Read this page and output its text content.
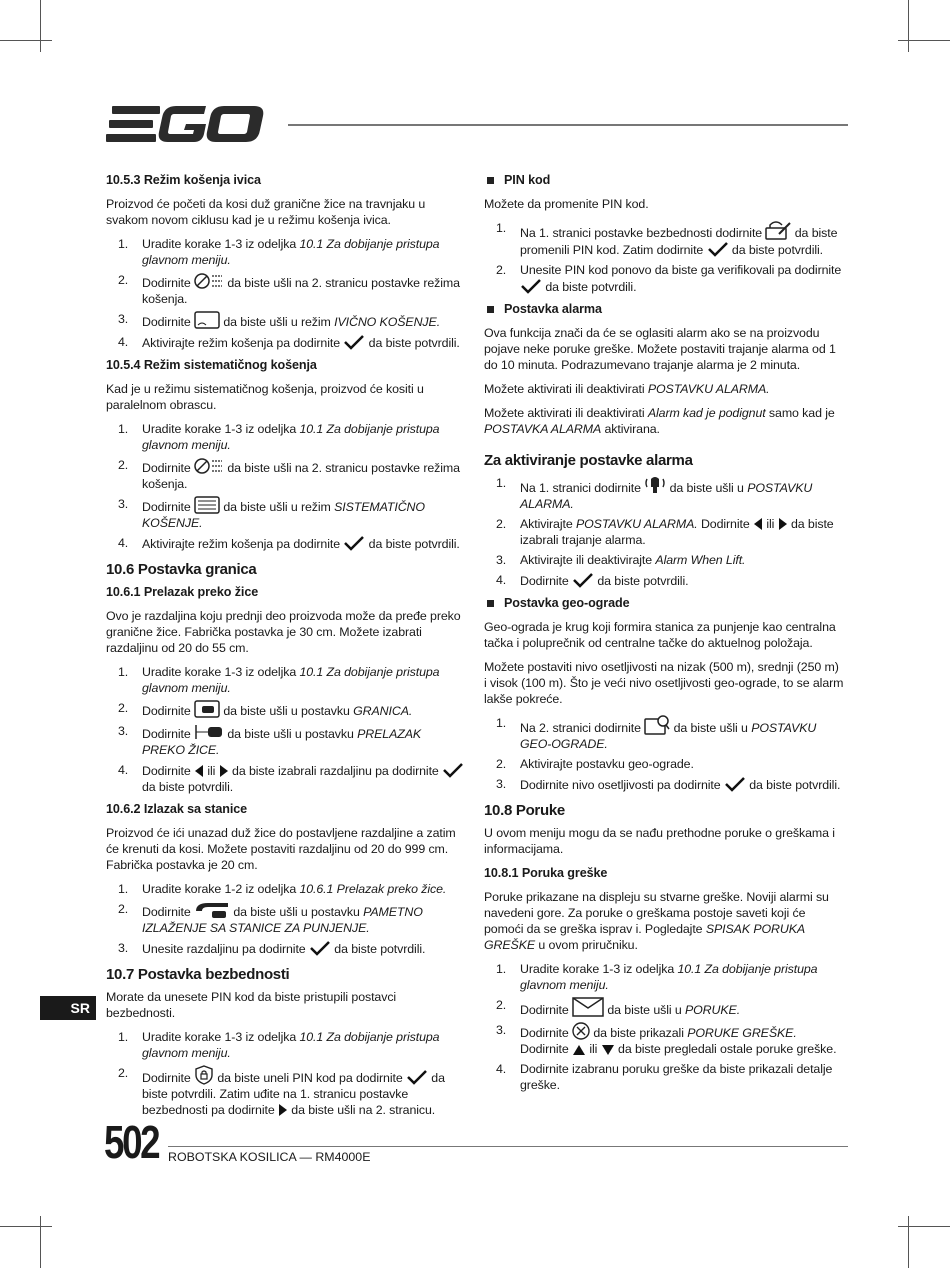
10.5.3 Režim košenja ivica

Proizvod će početi da kosi duž granične žice na travnjaku u svakom novom ciklusu kad je u režimu košenja ivica.

1. Uradite korake 1-3 iz odeljka 10.1 Za dobijanje pristupa glavnom meniju.
2. Dodirnite  da biste ušli na 2. stranicu postavke režima košenja.
3. Dodirnite  da biste ušli u režim IVIČNO KOŠENJE.
4. Aktivirajte režim košenja pa dodirnite  da biste potvrdili.
10.5.4 Režim sistematičnog košenja

Kad je u režimu sistematičnog košenja, proizvod će kositi u paralelnom obrascu.

1. Uradite korake 1-3 iz odeljka 10.1 Za dobijanje pristupa glavnom meniju.
2. Dodirnite  da biste ušli na 2. stranicu postavke režima košenja.
3. Dodirnite  da biste ušli u režim SISTEMATIČNO KOŠENJE.
4. Aktivirajte režim košenja pa dodirnite  da biste potvrdili.
10.6 Postavka granica
10.6.1 Prelazak preko žice

Ovo je razdaljina koju prednji deo proizvoda može da pređe preko granične žice. Fabrička postavka je 30 cm. Možete izabrati razdaljinu od 20 do 55 cm.

1. Uradite korake 1-3 iz odeljka 10.1 Za dobijanje pristupa glavnom meniju.
2. Dodirnite  da biste ušli u postavku GRANICA.
3. Dodirnite  da biste ušli u postavku PRELAZAK PREKO ŽICE.
4. Dodirnite  ili  da biste izabrali razdaljinu pa dodirnite  da biste potvrdili.
10.6.2 Izlazak sa stanice

Proizvod će ići unazad duž žice do postavljene razdaljine a zatim će krenuti da kosi. Možete postaviti razdaljinu od 20 do 999 cm. Fabrička postavka je 20 cm.

1. Uradite korake 1-2 iz odeljka 10.6.1 Prelazak preko žice.
2. Dodirnite	da biste ušli u postavku PAMETNO IZLAŽENJE SA STANICE ZA PUNJENJE.
3. Unesite razdaljinu pa dodirnite  da biste potvrdili.
10.7 Postavka bezbednosti

Morate da unesete PIN kod da biste pristupili postavci bezbednosti.

1. Uradite korake 1-3 iz odeljka 10.1 Za dobijanje pristupa glavnom meniju.
2. Dodirnite  da biste uneli PIN kod pa dodirnite  da biste potvrdili. Zatim uđite na 1. stranicu postavke bezbednosti pa dodirnite  da biste ušli na 2. stranicu.
PIN kod

Možete da promenite PIN kod.

1. Na 1. stranici postavke bezbednosti dodirnite  da biste promenili PIN kod. Zatim dodirnite  da biste potvrdili.
2. Unesite PIN kod ponovo da biste ga verifikovali pa dodirnite  da biste potvrdili.
Postavka alarma

Ova funkcija znači da će se oglasiti alarm ako se na proizvodu pojave neke poruke greške. Možete postaviti trajanje alarma od 1 do 10 minuta. Podrazumevano trajanje alarma je 2 minuta.

Možete aktivirati ili deaktivirati POSTAVKU ALARMA.

Možete aktivirati ili deaktivirati Alarm kad je podignut samo kad je POSTAVKA ALARMA aktivirana.

Za aktiviranje postavke alarma
1. Na 1. stranici dodirnite  da biste ušli u POSTAVKU ALARMA.
2. Aktivirajte POSTAVKU ALARMA. Dodirnite  ili  da biste izabrali trajanje alarma.
3. Aktivirajte ili deaktivirajte Alarm When Lift.
4. Dodirnite  da biste potvrdili.
Postavka geo-ograde

Geo-ograda je krug koji formira stanica za punjenje kao centralna tačka i poluprečnik od centralne tačke do aktuelnog položaja.

Možete postaviti nivo osetljivosti na nizak (500 m), srednji (250 m) i visok (100 m). Što je veći nivo osetljivosti geo-ograde, to se alarm lakše pokreće.

1. Na 2. stranici dodirnite  da biste ušli u POSTAVKU GEO-OGRADE.
2. Aktivirajte postavku geo-ograde.
3. Dodirnite nivo osetljivosti pa dodirnite  da biste potvrdili.
10.8 Poruke

U ovom meniju mogu da se nađu prethodne poruke o greškama i informacijama.

10.8.1 Poruka greške

Poruke prikazane na displeju su stvarne greške. Noviji alarmi su navedeni gore. Za poruke o greškama postoje saveti koji će pomoći da se greška isprav i. Pogledajte SPISAK PORUKA GREŠKE u ovom priručniku.

1. Uradite korake 1-3 iz odeljka 10.1 Za dobijanje pristupa glavnom meniju.
2. Dodirnite	da biste ušli u PORUKE.
3. Dodirnite  da biste prikazali PORUKE GREŠKE. Dodirnite  ili  da biste pregledali ostale poruke greške.
4. Dodirnite izabranu poruku greške da biste prikazali detalje greške.
SR
502 ROBOTSKA KOSILICA — RM4000E
